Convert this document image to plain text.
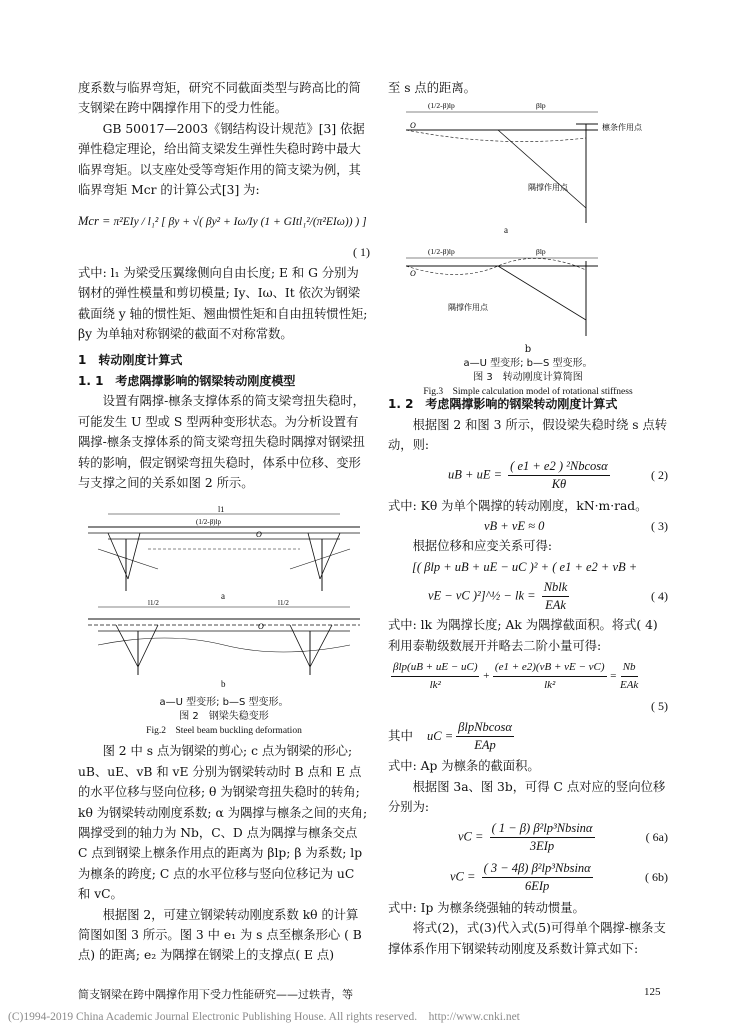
度系数与临界弯矩，研究不同截面类型与跨高比的简支钢梁在跨中隅撑作用下的受力性能。

GB 50017—2003《钢结构设计规范》[3] 依据弹性稳定理论，给出简支梁发生弹性失稳时跨中最大临界弯矩。以支座处受等弯矩作用的简支梁为例，其临界弯矩 Mcr 的计算公式[3] 为:

Mcr = π²EIy / l₁² [ βy + √( βy² + Iω/Iy (1 + GItl₁²/(π²EIω)) ) ]
( 1)

式中: l₁ 为梁受压翼缘侧向自由长度; E 和 G 分别为钢材的弹性模量和剪切模量; Iy、Iω、It 依次为钢梁截面绕 y 轴的惯性矩、翘曲惯性矩和自由扭转惯性矩; βy 为单轴对称钢梁的截面不对称常数。

1　转动刚度计算式

1. 1　考虑隅撑影响的钢梁转动刚度模型

设置有隅撑-檩条支撑体系的简支梁弯扭失稳时，可能发生 U 型或 S 型两种变形状态。为分析设置有隅撑-檩条支撑体系的简支梁弯扭失稳时隅撑对钢梁扭转的影响，假定钢梁弯扭失稳时，体系中位移、变形与支撑之间的关系如图 2 所示。

l1
(1/2-β)lp
O
a
l1/2	l1/2
O
b
a—U 型变形; b—S 型变形。
图 2　钢梁失稳变形
Fig.2　Steel beam buckling deformation

图 2 中 s 点为钢梁的剪心; c 点为钢梁的形心; uB、uE、vB 和 vE 分别为钢梁转动时 B 点和 E 点的水平位移与竖向位移; θ 为钢梁弯扭失稳时的转角; kθ 为钢梁转动刚度系数; α 为隅撑与檩条之间的夹角; 隅撑受到的轴力为 Nb，C、D 点为隅撑与檩条交点 C 点到钢梁上檩条作用点的距离为 βlp; β 为系数; lp 为檩条的跨度; C 点的水平位移与竖向位移记为 uC 和 vC。

根据图 2，可建立钢梁转动刚度系数 kθ 的计算简图如图 3 所示。图 3 中 e₁ 为 s 点至檩条形心 ( B 点) 的距离; e₂ 为隅撑在钢梁上的支撑点( E 点)

至 s 点的距离。

(1/2-β)lp	βlp
O	檩条作用点
隅撑作用点
a
(1/2-β)lp	βlp
O
隅撑作用点
b
a—U 型变形; b—S 型变形。
图 3　转动刚度计算简图
Fig.3　Simple calculation model of rotational stiffness

1. 2　考虑隅撑影响的钢梁转动刚度计算式

根据图 2 和图 3 所示，假设梁失稳时绕 s 点转动，则:

uB + uE = $\frac{\text{( e1 + e2 ) ²Nbcosα}}{K\theta}$	( 2)

式中: Kθ 为单个隅撑的转动刚度，kN·m·rad。

vB + vE ≈ 0	( 3)

根据位移和应变关系可得:

[( βlp + uB + uE − uC )² + ( e1 + e2 + vB +
vE − vC )²]^½ − lk = $\frac{\text{Nblk}}{\text{EAk}}$	( 4)

式中: lk 为隅撑长度; Ak 为隅撑截面积。将式( 4) 利用泰勒级数展开并略去二阶小量可得:

$\frac{\text{βlp(uB + uE − uC)}}{\text{lk²}} + \frac{(e1 + e2)(vB + vE - vC)}{\text{lk²}} = \frac{Nb}{\text{EAk}}$
( 5)
其中 uC = $\frac{\text{βlpNbcosα}}{\text{EAp}}$

式中: Ap 为檩条的截面积。

根据图 3a、图 3b，可得 C 点对应的竖向位移分别为:

vC = $\frac{\text{( 1 − β) β²lp³Nbsinα}}{\text{3EIp}}$	( 6a)
vC = $\frac{\text{( 3 − 4β) β²lp³Nbsinα}}{\text{6EIp}}$	( 6b)

式中: Ip 为檩条绕强轴的转动惯量。

将式(2)，式(3)代入式(5)可得单个隅撑-檩条支撑体系作用下钢梁转动刚度及系数计算式如下:

简支钢梁在跨中隅撑作用下受力性能研究——过轶青，等	125
(C)1994-2019 China Academic Journal Electronic Publishing House. All rights reserved.　http://www.cnki.net
